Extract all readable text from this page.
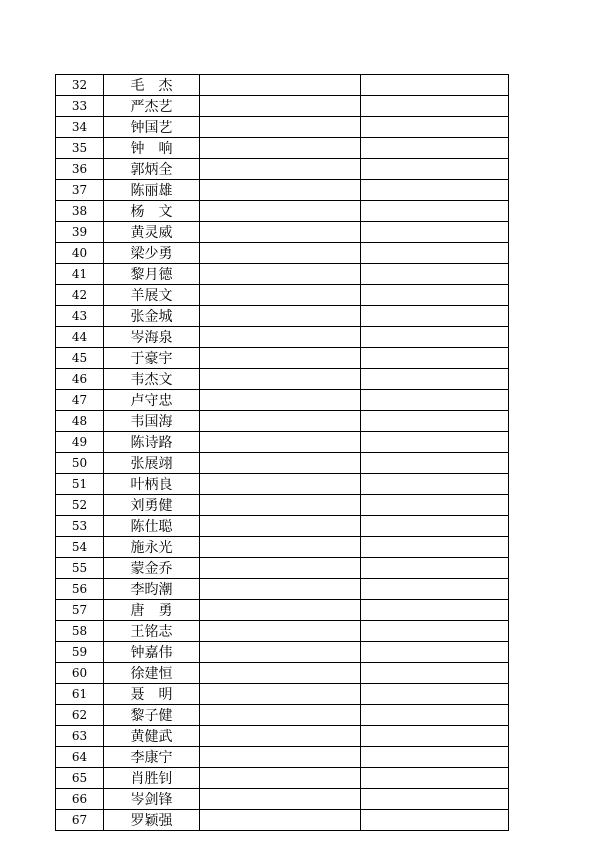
32	毛　杰		
33	严杰艺		
34	钟国艺		
35	钟　响		
36	郭炳全		
37	陈丽雄		
38	杨　文		
39	黄灵威		
40	梁少勇		
41	黎月德		
42	羊展文		
43	张金城		
44	岑海泉		
45	于豪宇		
46	韦杰文		
47	卢守忠		
48	韦国海		
49	陈诗路		
50	张展翊		
51	叶柄良		
52	刘勇健		
53	陈仕聪		
54	施永光		
55	蒙金乔		
56	李昀潮		
57	唐　勇		
58	王铭志		
59	钟嘉伟		
60	徐建恒		
61	聂　明		
62	黎子健		
63	黄健武		
64	李康宁		
65	肖胜钊		
66	岑剑锋		
67	罗颖强		
